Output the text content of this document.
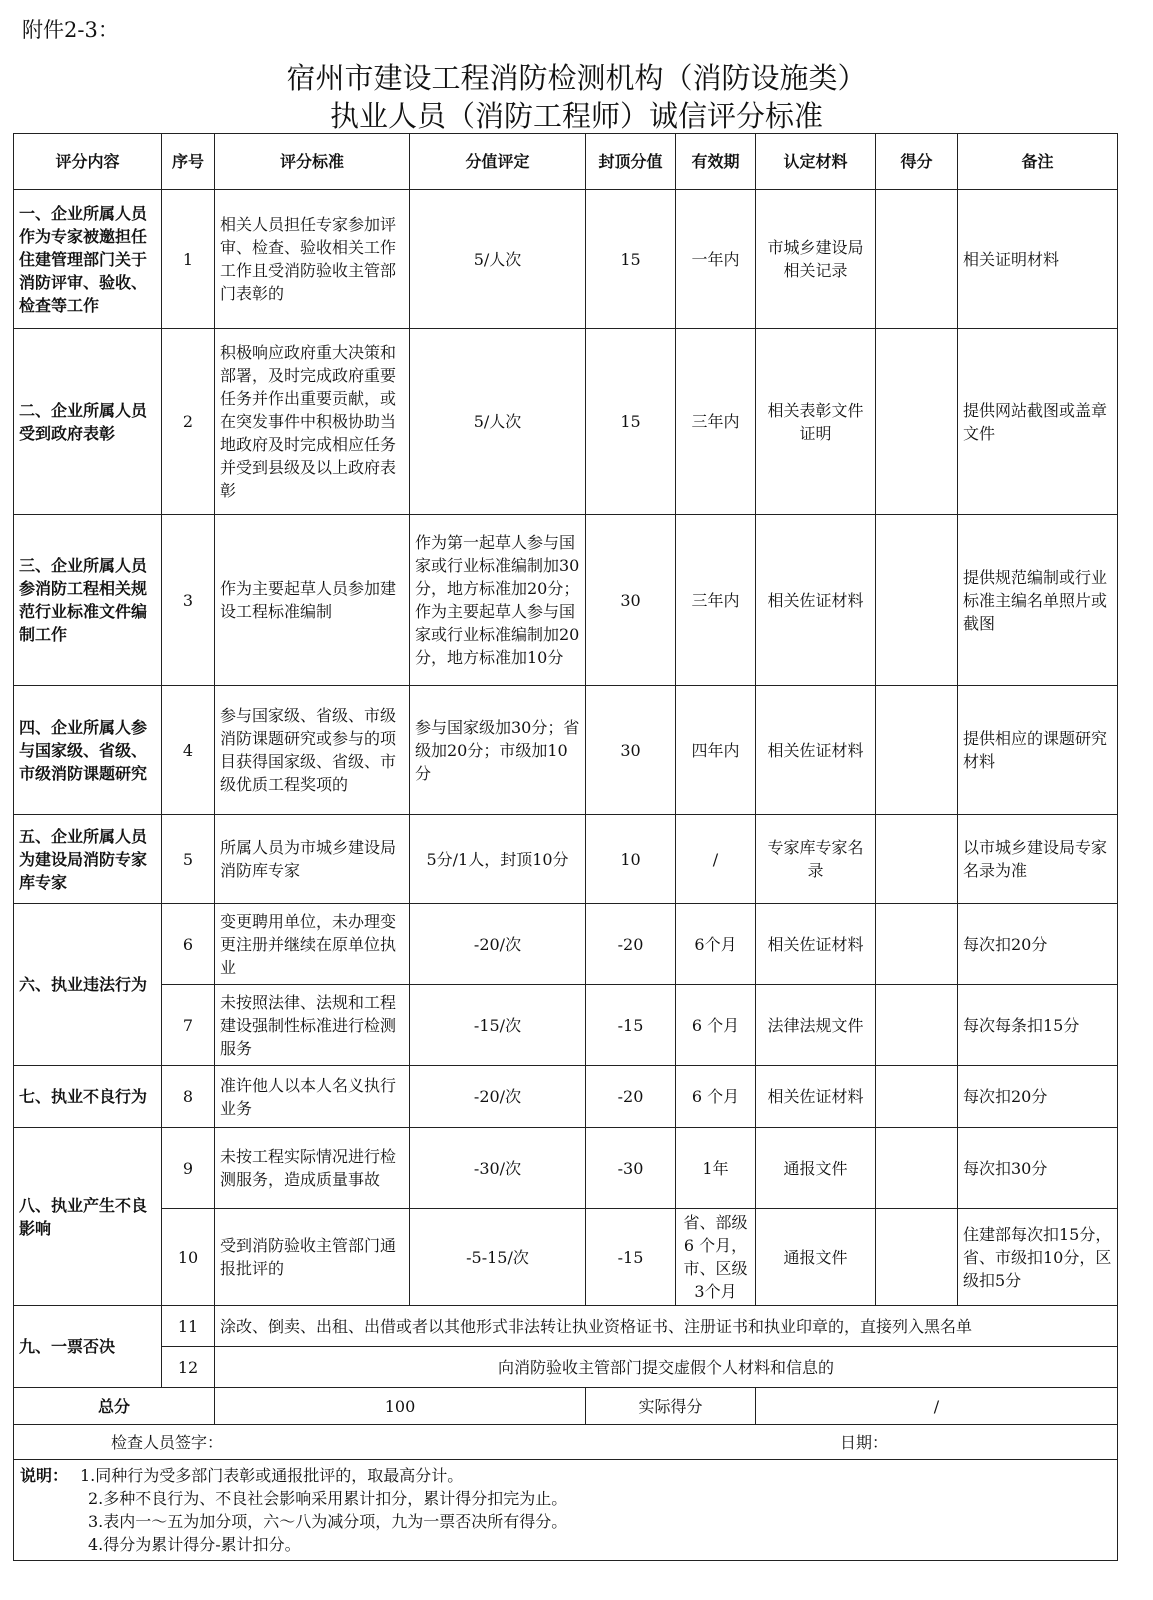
附件2-3：
宿州市建设工程消防检测机构（消防设施类）
执业人员（消防工程师）诚信评分标准
评分内容	序号	评分标准	分值评定	封顶分值	有效期	认定材料	得分	备注
一、企业所属人员作为专家被邀担任住建管理部门关于消防评审、验收、检查等工作	1	相关人员担任专家参加评审、检查、验收相关工作工作且受消防验收主管部门表彰的	5/人次	15	一年内	市城乡建设局相关记录		相关证明材料
二、企业所属人员受到政府表彰	2	积极响应政府重大决策和部署，及时完成政府重要任务并作出重要贡献，或在突发事件中积极协助当地政府及时完成相应任务并受到县级及以上政府表彰	5/人次	15	三年内	相关表彰文件证明		提供网站截图或盖章文件
三、企业所属人员参消防工程相关规范行业标准文件编制工作	3	作为主要起草人员参加建设工程标准编制	作为第一起草人参与国家或行业标准编制加30分，地方标准加20分；作为主要起草人参与国家或行业标准编制加20分，地方标准加10分	30	三年内	相关佐证材料		提供规范编制或行业标准主编名单照片或截图
四、企业所属人参与国家级、省级、市级消防课题研究	4	参与国家级、省级、市级消防课题研究或参与的项目获得国家级、省级、市级优质工程奖项的	参与国家级加30分；省级加20分；市级加10分	30	四年内	相关佐证材料		提供相应的课题研究材料
五、企业所属人员为建设局消防专家库专家	5	所属人员为市城乡建设局消防库专家	5分/1人，封顶10分	10	/	专家库专家名录		以市城乡建设局专家名录为准
六、执业违法行为	6	变更聘用单位，未办理变更注册并继续在原单位执业	-20/次	-20	6个月	相关佐证材料		每次扣20分
	7	未按照法律、法规和工程建设强制性标准进行检测服务	-15/次	-15	6 个月	法律法规文件		每次每条扣15分
七、执业不良行为	8	准许他人以本人名义执行业务	-20/次	-20	6 个月	相关佐证材料		每次扣20分
八、执业产生不良影响	9	未按工程实际情况进行检测服务，造成质量事故	-30/次	-30	1年	通报文件		每次扣30分
	10	受到消防验收主管部门通报批评的	-5-15/次	-15	省、部级6 个月，市、区级3个月	通报文件		住建部每次扣15分，省、市级扣10分，区级扣5分
九、一票否决	11	涂改、倒卖、出租、出借或者以其他形式非法转让执业资格证书、注册证书和执业印章的，直接列入黑名单						
	12	向消防验收主管部门提交虚假个人材料和信息的						
总分		100		实际得分		/		

检查人员签字： 日期：								

说明： 1.同种行为受多部门表彰或通报批评的，取最高分计。
2.多种不良行为、不良社会影响采用累计扣分，累计得分扣完为止。
3.表内一～五为加分项，六～八为减分项，九为一票否决所有得分。
4.得分为累计得分-累计扣分。								
